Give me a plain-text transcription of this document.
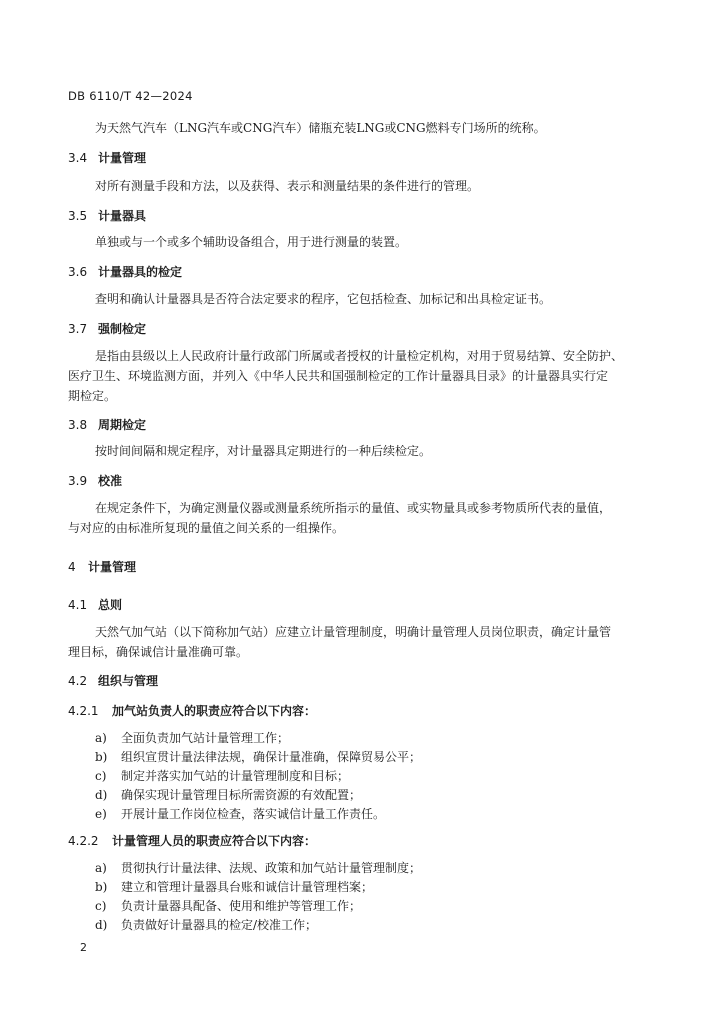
DB 6110/T 42—2024
为天然气汽车（LNG汽车或CNG汽车）储瓶充装LNG或CNG燃料专门场所的统称。
3.4 计量管理
对所有测量手段和方法，以及获得、表示和测量结果的条件进行的管理。
3.5 计量器具
单独或与一个或多个辅助设备组合，用于进行测量的装置。
3.6 计量器具的检定
查明和确认计量器具是否符合法定要求的程序，它包括检查、加标记和出具检定证书。
3.7 强制检定
是指由县级以上人民政府计量行政部门所属或者授权的计量检定机构，对用于贸易结算、安全防护、
医疗卫生、环境监测方面，并列入《中华人民共和国强制检定的工作计量器具目录》的计量器具实行定
期检定。
3.8 周期检定
按时间间隔和规定程序，对计量器具定期进行的一种后续检定。
3.9 校准
在规定条件下，为确定测量仪器或测量系统所指示的量值、或实物量具或参考物质所代表的量值，
与对应的由标准所复现的量值之间关系的一组操作。
4 计量管理
4.1 总则
天然气加气站（以下简称加气站）应建立计量管理制度，明确计量管理人员岗位职责，确定计量管
理目标，确保诚信计量准确可靠。
4.2 组织与管理
4.2.1 加气站负责人的职责应符合以下内容：
a) 全面负责加气站计量管理工作；
b) 组织宣贯计量法律法规，确保计量准确，保障贸易公平；
c) 制定并落实加气站的计量管理制度和目标；
d) 确保实现计量管理目标所需资源的有效配置；
e) 开展计量工作岗位检查，落实诚信计量工作责任。
4.2.2 计量管理人员的职责应符合以下内容：
a) 贯彻执行计量法律、法规、政策和加气站计量管理制度；
b) 建立和管理计量器具台账和诚信计量管理档案；
c) 负责计量器具配备、使用和维护等管理工作；
d) 负责做好计量器具的检定/校准工作；
2
